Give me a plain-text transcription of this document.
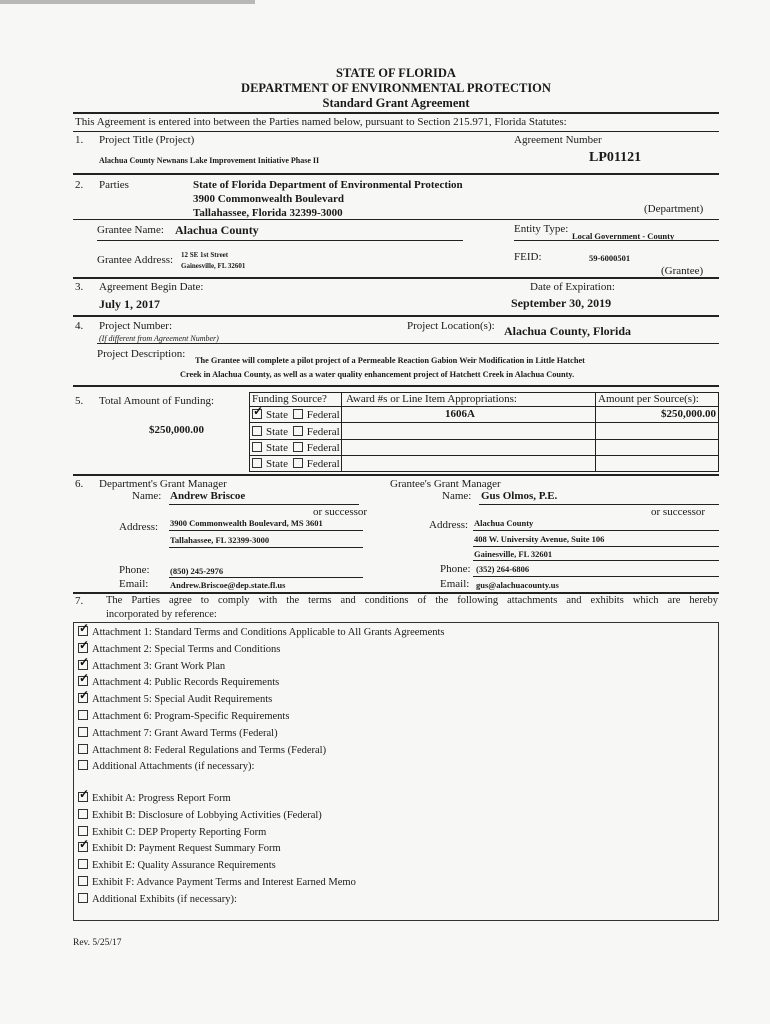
STATE OF FLORIDA
DEPARTMENT OF ENVIRONMENTAL PROTECTION
Standard Grant Agreement
This Agreement is entered into between the Parties named below, pursuant to Section 215.971, Florida Statutes:
1. Project Title (Project)	Agreement Number
Alachua County Newnans Lake Improvement Initiative Phase II	LP01121
2. Parties	State of Florida Department of Environmental Protection
3900 Commonwealth Boulevard
Tallahassee, Florida 32399-3000	(Department)
Grantee Name: Alachua County	Entity Type:
Local Government - County
Grantee Address: 12 SE 1st Street
Gainesville, FL 32601
FEID:	59-6000501
(Grantee)
3. Agreement Begin Date:
July 1, 2017
Date of Expiration:
September 30, 2019
4. Project Number:
(If different from Agreement Number)
Project Location(s): Alachua County, Florida
Project Description:
The Grantee will complete a pilot project of a Permeable Reaction Gabion Weir Modification in Little Hatchet
Creek in Alachua County, as well as a water quality enhancement project of Hatchett Creek in Alachua County.
5. Total Amount of Funding:
$250,000.00
Funding Source? Award #s or Line Item Appropriations:	Amount per Source(s):
✓State Federal	1606A	$250,000.00
State Federal
State Federal
State Federal
6. Department's Grant Manager	Grantee's Grant Manager
Name: Andrew Briscoe	Name: Gus Olmos, P.E.
or successor	or successor
Address: 3900 Commonwealth Boulevard, MS 3601
Tallahassee, FL 32399-3000
Address: Alachua County
408 W. University Avenue, Suite 106
Gainesville, FL 32601
Phone: (850) 245-2976
Email:	Andrew.Briscoe@dep.state.fl.us
Phone: (352) 264-6806
Email: gus@alachuacounty.us
7. The Parties agree to comply with the terms and conditions of the following attachments and exhibits which are hereby
incorporated by reference:
✓Attachment 1: Standard Terms and Conditions Applicable to All Grants Agreements
✓Attachment 2: Special Terms and Conditions
✓Attachment 3: Grant Work Plan
✓Attachment 4: Public Records Requirements
✓Attachment 5: Special Audit Requirements
Attachment 6: Program-Specific Requirements
Attachment 7: Grant Award Terms (Federal)
Attachment 8: Federal Regulations and Terms (Federal)
Additional Attachments (if necessary):
✓Exhibit A: Progress Report Form
Exhibit B: Disclosure of Lobbying Activities (Federal)
Exhibit C: DEP Property Reporting Form
✓Exhibit D: Payment Request Summary Form
Exhibit E: Quality Assurance Requirements
Exhibit F: Advance Payment Terms and Interest Earned Memo
Additional Exhibits (if necessary):
Rev. 5/25/17
